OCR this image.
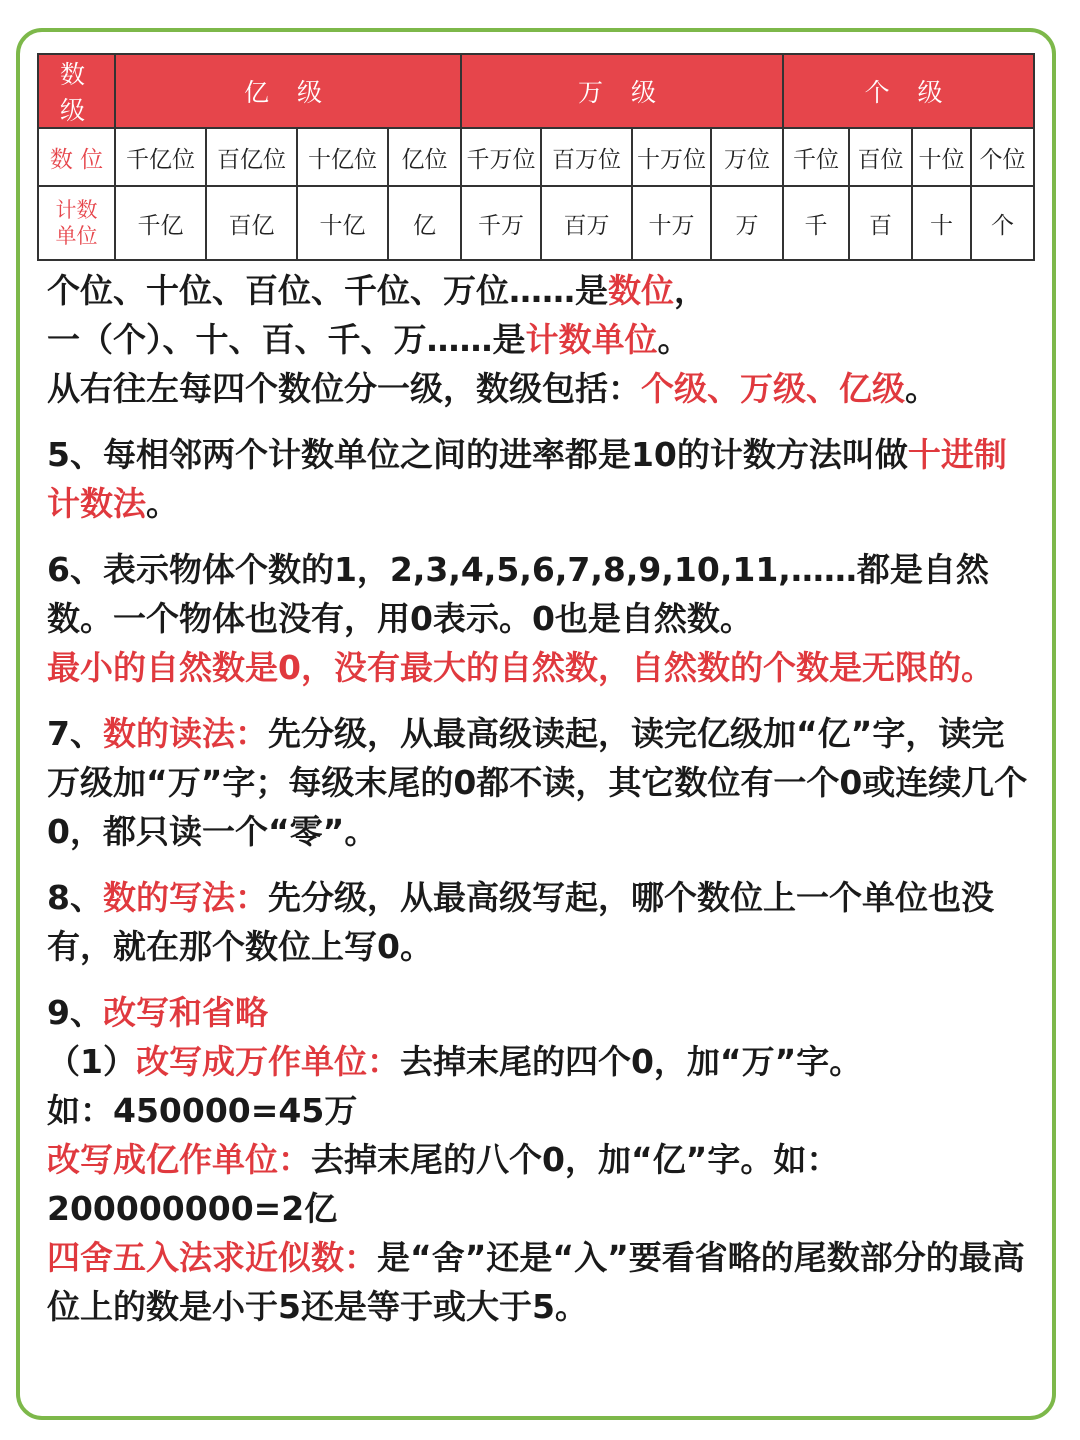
数 级	亿 级				万 级				个 级			
数 位	千亿位	百亿位	十亿位	亿位	千万位	百万位	十万位	万位	千位	百位	十位	个位
计数
单位	千亿	百亿	十亿	亿	千万	百万	十万	万	千	百	十	个

个位、十位、百位、千位、万位……是数位，
一（个）、十、百、千、万……是计数单位。
从右往左每四个数位分一级，数级包括：个级、万级、亿级。

5、每相邻两个计数单位之间的进率都是10的计数方法叫做十进制计数法。

6、表示物体个数的1，2,3,4,5,6,7,8,9,10,11,……都是自然数。一个物体也没有，用0表示。0也是自然数。
最小的自然数是0，没有最大的自然数，自然数的个数是无限的。

7、数的读法：先分级，从最高级读起，读完亿级加“亿”字，读完万级加“万”字；每级末尾的0都不读，其它数位有一个0或连续几个0，都只读一个“零”。

8、数的写法：先分级，从最高级写起，哪个数位上一个单位也没有，就在那个数位上写0。

9、改写和省略
（1）改写成万作单位：去掉末尾的四个0，加“万”字。
如：450000=45万
改写成亿作单位：去掉末尾的八个0，加“亿”字。如：
200000000=2亿
四舍五入法求近似数：是“舍”还是“入”要看省略的尾数部分的最高位上的数是小于5还是等于或大于5。
